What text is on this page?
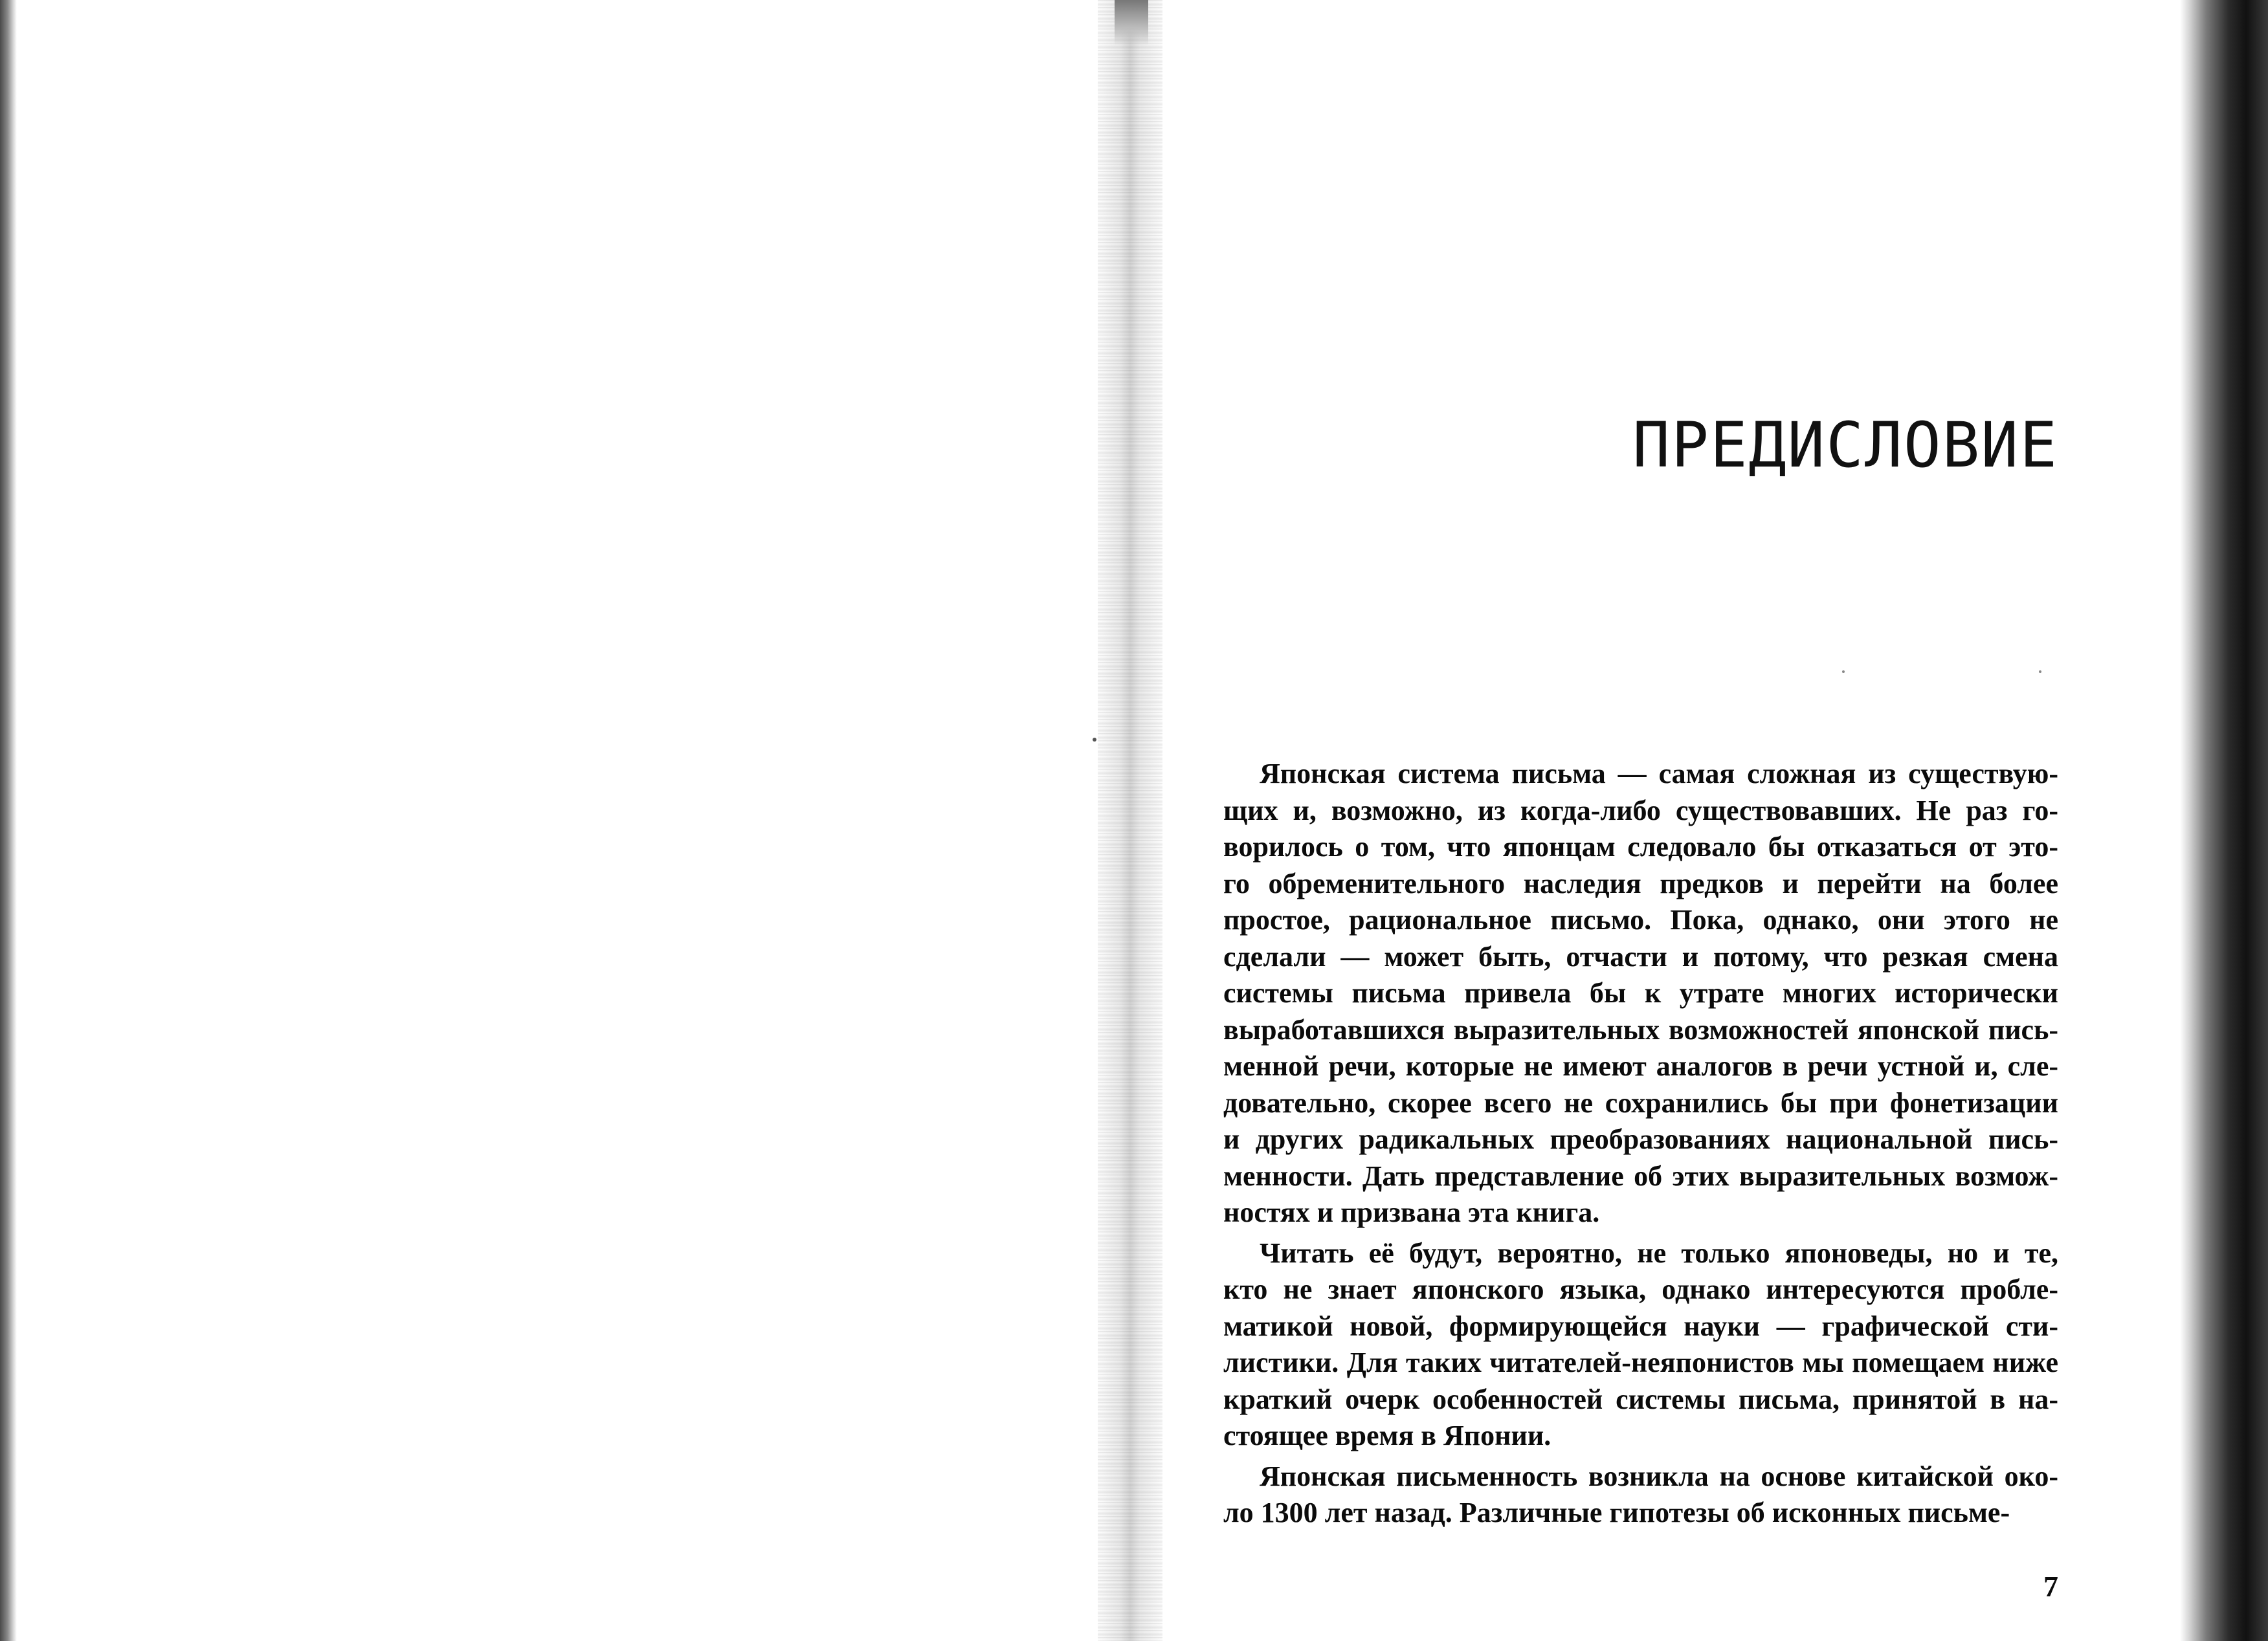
ПРЕДИСЛОВИЕ
Японская система письма — самая сложная из существую-
щих и, возможно, из когда-либо существовавших. Не раз го-
ворилось о том, что японцам следовало бы отказаться от это-
го обременительного наследия предков и перейти на более
простое, рациональное письмо. Пока, однако, они этого не
сделали — может быть, отчасти и потому, что резкая смена
системы письма привела бы к утрате многих исторически
выработавшихся выразительных возможностей японской пись-
менной речи, которые не имеют аналогов в речи устной и, сле-
довательно, скорее всего не сохранились бы при фонетизации
и других радикальных преобразованиях национальной пись-
менности. Дать представление об этих выразительных возмож-
ностях и призвана эта книга.
Читать её будут, вероятно, не только японоведы, но и те,
кто не знает японского языка, однако интересуются пробле-
матикой новой, формирующейся науки — графической сти-
листики. Для таких читателей-неяпонистов мы помещаем ниже
краткий очерк особенностей системы письма, принятой в на-
стоящее время в Японии.
Японская письменность возникла на основе китайской око-
ло 1300 лет назад. Различные гипотезы об исконных письме-
7
